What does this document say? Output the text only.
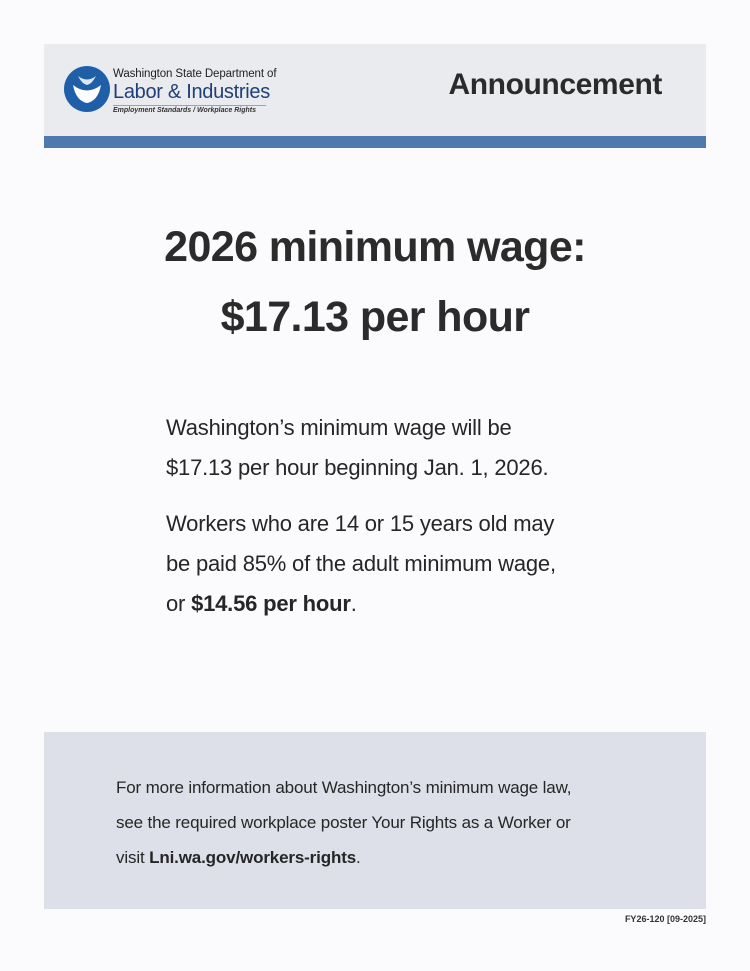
Washington State Department of
Labor & Industries
Employment Standards / Workplace Rights
Announcement
2026 minimum wage:
$17.13 per hour

Washington’s minimum wage will be
$17.13 per hour beginning Jan. 1, 2026.

Workers who are 14 or 15 years old may
be paid 85% of the adult minimum wage,
or $14.56 per hour.

For more information about Washington’s minimum wage law,
see the required workplace poster Your Rights as a Worker or
visit Lni.wa.gov/workers-rights.
FY26-120 [09-2025]
